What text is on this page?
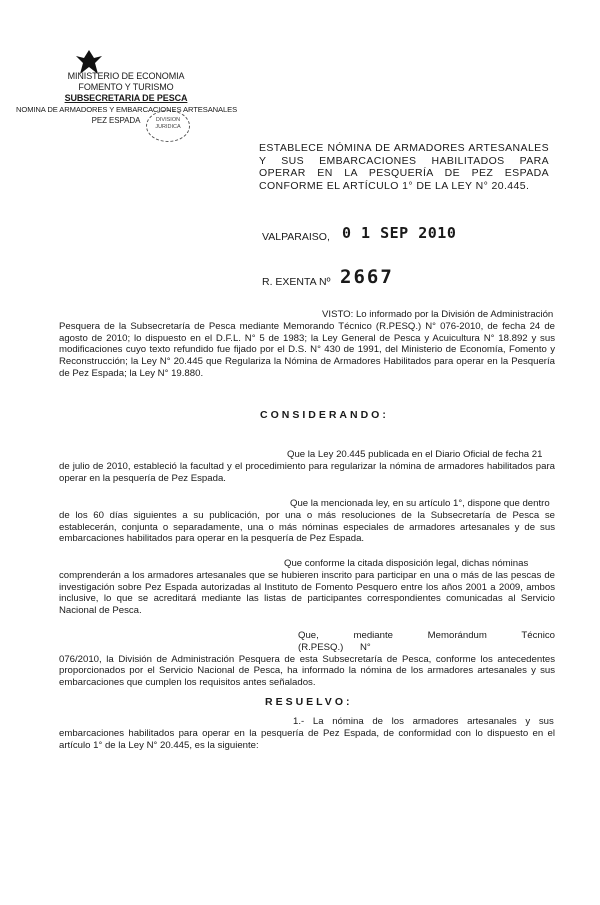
MINISTERIO DE ECONOMIA
FOMENTO Y TURISMO
SUBSECRETARIA DE PESCA
NOMINA DE ARMADORES Y EMBARCACIONES ARTESANALES
PEZ ESPADA	DIVISION
JURIDICA
ESTABLECE NÓMINA DE ARMADORES ARTESANALES Y SUS EMBARCACIONES HABILITADOS PARA OPERAR EN LA PESQUERÍA DE PEZ ESPADA CONFORME EL ARTÍCULO 1° DE LA LEY N° 20.445.
VALPARAISO, 0 1 SEP 2010
R. EXENTA Nº 2667
VISTO: Lo informado por la División de Administración
Pesquera de la Subsecretaría de Pesca mediante Memorando Técnico (R.PESQ.) N° 076-2010, de fecha 24 de agosto de 2010; lo dispuesto en el D.F.L. N° 5 de 1983; la Ley General de Pesca y Acuicultura N° 18.892 y sus modificaciones cuyo texto refundido fue fijado por el D.S. N° 430 de 1991, del Ministerio de Economía, Fomento y Reconstrucción; la Ley N° 20.445 que Regulariza la Nómina de Armadores Habilitados para operar en la Pesquería de Pez Espada; la Ley N° 19.880.
CONSIDERANDO:
Que la Ley 20.445 publicada en el Diario Oficial de fecha 21
de julio de 2010, estableció la facultad y el procedimiento para regularizar la nómina de armadores habilitados para operar en la pesquería de Pez Espada.
Que la mencionada ley, en su artículo 1°, dispone que dentro
de los 60 días siguientes a su publicación, por una o más resoluciones de la Subsecretaría de Pesca se establecerán, conjunta o separadamente, una o más nóminas especiales de armadores artesanales y de sus embarcaciones habilitados para operar en la pesquería de Pez Espada.
Que conforme la citada disposición legal, dichas nóminas
comprenderán a los armadores artesanales que se hubieren inscrito para participar en una o más de las pescas de investigación sobre Pez Espada autorizadas al Instituto de Fomento Pesquero entre los años 2001 a 2009, ambos inclusive, lo que se acreditará mediante las listas de participantes correspondientes comunicadas al Servicio Nacional de Pesca.
Que, mediante Memorándum Técnico (R.PESQ.) N°
076/2010, la División de Administración Pesquera de esta Subsecretaría de Pesca, conforme los antecedentes proporcionados por el Servicio Nacional de Pesca, ha informado la nómina de los armadores artesanales y sus embarcaciones que cumplen los requisitos antes señalados.
RESUELVO:
1.- La nómina de los armadores artesanales y sus
embarcaciones habilitados para operar en la pesquería de Pez Espada, de conformidad con lo dispuesto en el artículo 1° de la Ley N° 20.445, es la siguiente:
